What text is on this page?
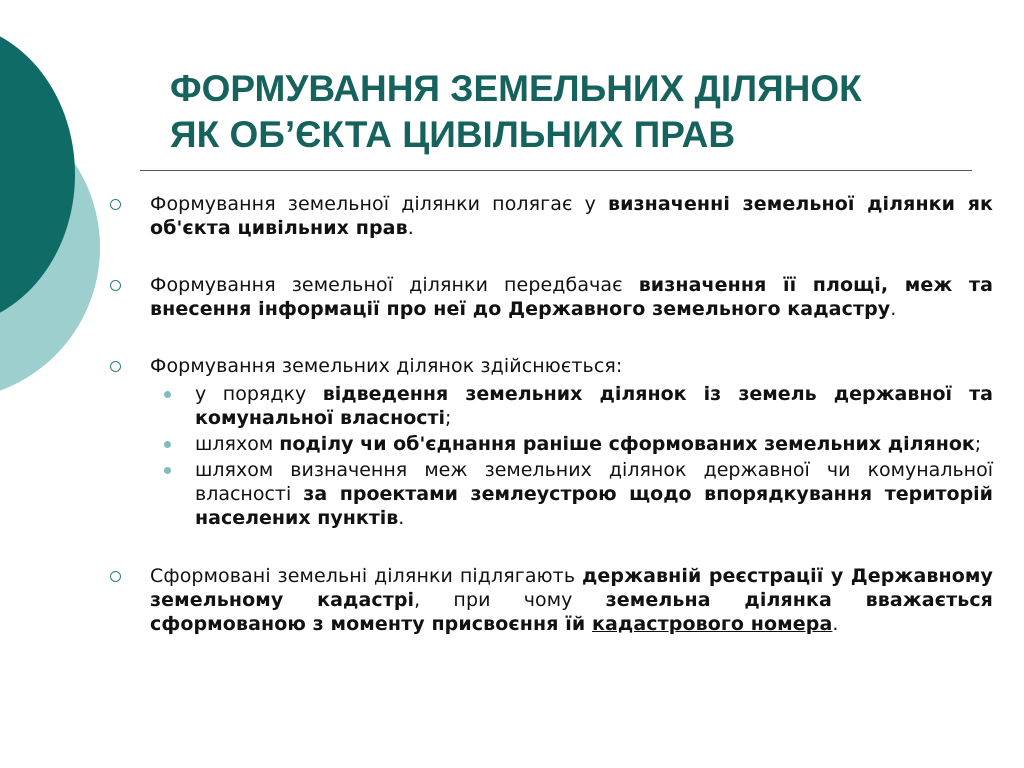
ФОРМУВАННЯ ЗЕМЕЛЬНИХ ДІЛЯНОК
ЯК ОБ’ЄКТА ЦИВІЛЬНИХ ПРАВ

Формування земельної ділянки полягає у визначенні земельної ділянки як об'єкта цивільних прав.

Формування земельної ділянки передбачає визначення її площі, меж та внесення інформації про неї до Державного земельного кадастру.

Формування земельних ділянок здійснюється:

у порядку відведення земельних ділянок із земель державної та комунальної власності;
шляхом поділу чи об'єднання раніше сформованих земельних ділянок;
шляхом визначення меж земельних ділянок державної чи комунальної власності за проектами землеустрою щодо впорядкування територій населених пунктів.

Сформовані земельні ділянки підлягають державній реєстрації у Державному земельному кадастрі, при чому земельна ділянка вважається сформованою з моменту присвоєння їй кадастрового номера.
